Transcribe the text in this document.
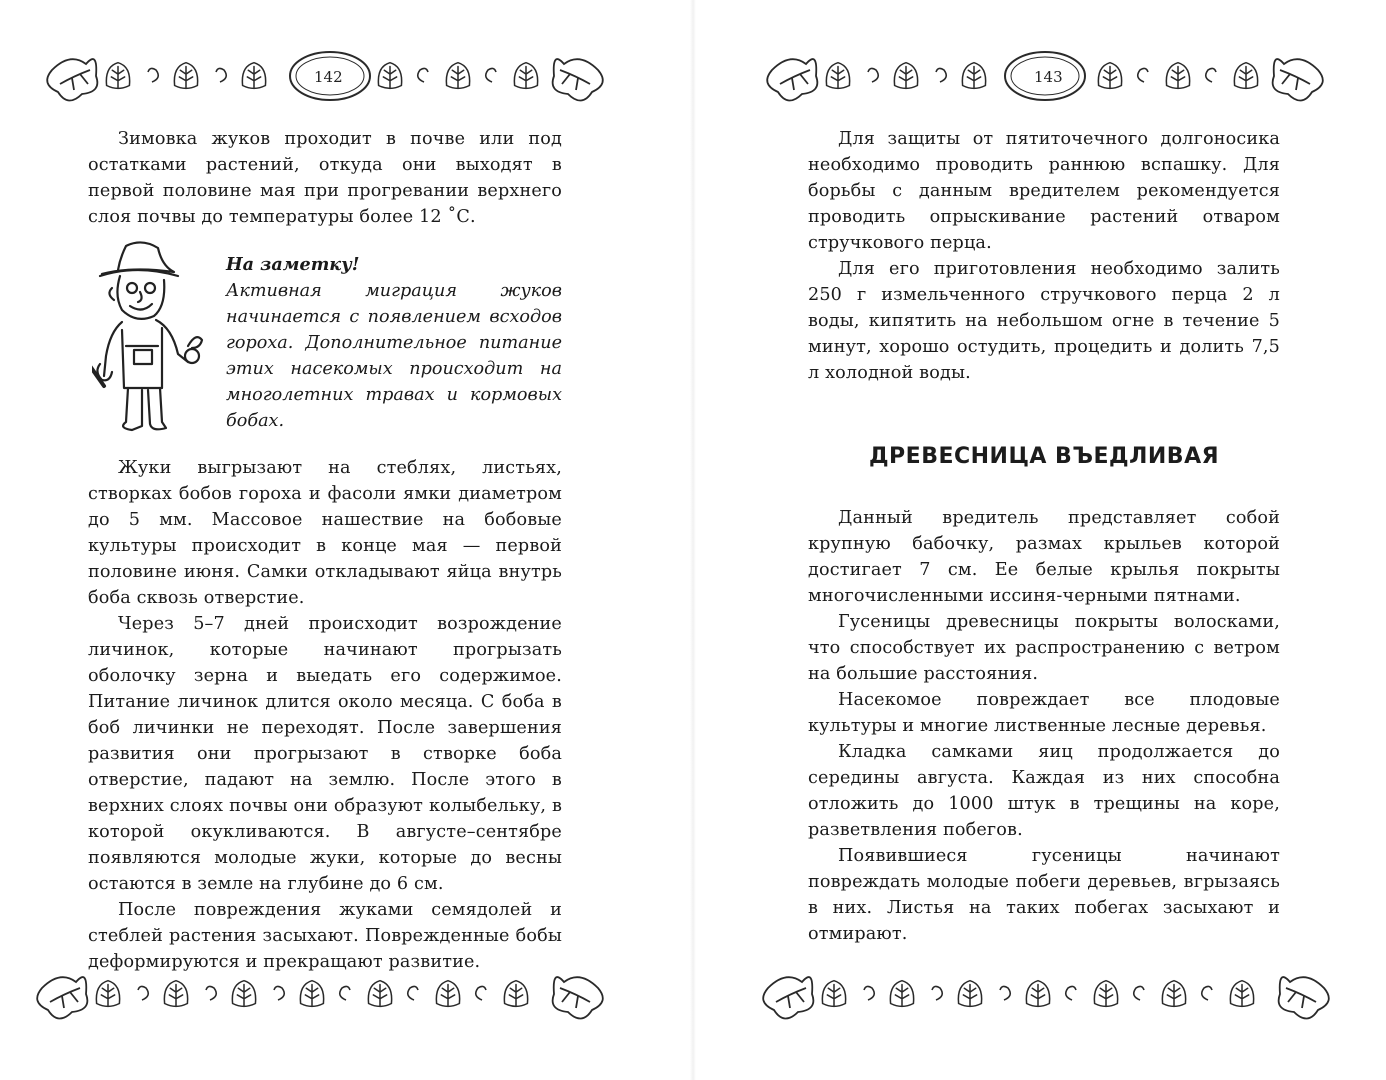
142

Зимовка жуков проходит в почве или под остатками растений, откуда они выходят в первой половине мая при прогревании верхнего слоя почвы до температуры более 12 ˚С.

На заметку!
Активная миграция жуков начинается с появлением всходов гороха. Дополнительное питание этих насекомых происходит на многолетних травах и кормовых бобах.

Жуки выгрызают на стеблях, листьях, створках бобов гороха и фасоли ямки диаметром до 5 мм. Массовое нашествие на бобовые культуры происходит в конце мая — первой половине июня. Самки откладывают яйца внутрь боба сквозь отверстие.

Через 5–7 дней происходит возрождение личинок, которые начинают прогрызать оболочку зерна и выедать его содержимое. Питание личинок длится около месяца. С боба в боб личинки не переходят. После завершения развития они прогрызают в створке боба отверстие, падают на землю. После этого в верхних слоях почвы они образуют колыбельку, в которой окукливаются. В августе–сентябре появляются молодые жуки, которые до весны остаются в земле на глубине до 6 см.

После повреждения жуками семядолей и стеблей растения засыхают. Поврежденные бобы деформируются и прекращают развитие.

143

Для защиты от пятиточечного долгоносика необходимо проводить раннюю вспашку. Для борьбы с данным вредителем рекомендуется проводить опрыскивание растений отваром стручкового перца.

Для его приготовления необходимо залить 250 г измельченного стручкового перца 2 л воды, кипятить на небольшом огне в течение 5 минут, хорошо остудить, процедить и долить 7,5 л холодной воды.

ДРЕВЕСНИЦА ВЪЕДЛИВАЯ

Данный вредитель представляет собой крупную бабочку, размах крыльев которой достигает 7 см. Ее белые крылья покрыты многочисленными иссиня-черными пятнами.

Гусеницы древесницы покрыты волосками, что способствует их распространению с ветром на большие расстояния.

Насекомое повреждает все плодовые культуры и многие лиственные лесные деревья.

Кладка самками яиц продолжается до середины августа. Каждая из них способна отложить до 1000 штук в трещины на коре, разветвления побегов.

Появившиеся гусеницы начинают повреждать молодые побеги деревьев, вгрызаясь в них. Листья на таких побегах засыхают и отмирают.
